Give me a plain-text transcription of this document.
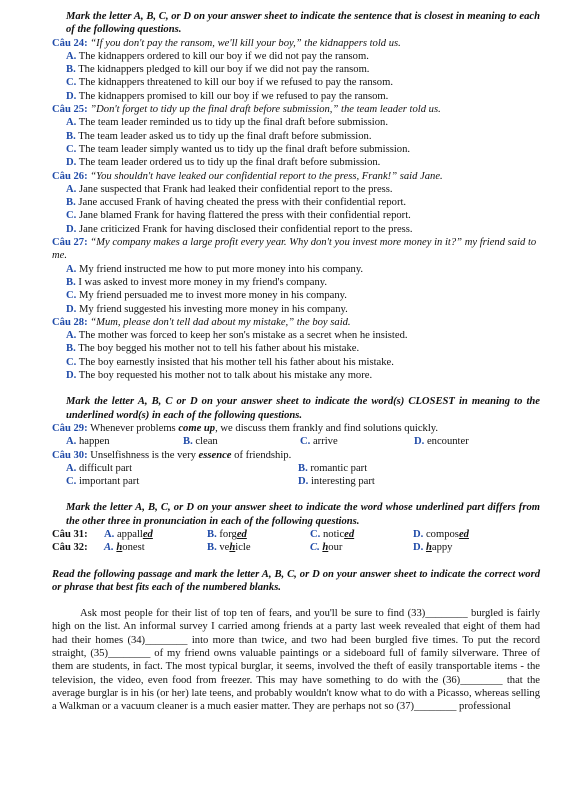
Mark the letter A, B, C, or D on your answer sheet to indicate the sentence that is closest in meaning to each of the following questions.

Câu 24: “If you don't pay the ransom, we'll kill your boy,” the kidnappers told us.

A. The kidnappers ordered to kill our boy if we did not pay the ransom.

B. The kidnappers pledged to kill our boy if we did not pay the ransom.

C. The kidnappers threatened to kill our boy if we refused to pay the ransom.

D. The kidnappers promised to kill our boy if we refused to pay the ransom.

Câu 25: ”Don't forget to tidy up the final draft before submission,” the team leader told us.

A. The team leader reminded us to tidy up the final draft before submission.

B. The team leader asked us to tidy up the final draft before submission.

C. The team leader simply wanted us to tidy up the final draft before submission.

D. The team leader ordered us to tidy up the final draft before submission.

Câu 26: “You shouldn't have leaked our confidential report to the press, Frank!” said Jane.

A. Jane suspected that Frank had leaked their confidential report to the press.

B. Jane accused Frank of having cheated the press with their confidential report.

C. Jane blamed Frank for having flattered the press with their confidential report.

D. Jane criticized Frank for having disclosed their confidential report to the press.

Câu 27: “My company makes a large profit every year. Why don't you invest more money in it?” my friend said to me.

A. My friend instructed me how to put more money into his company.

B. I was asked to invest more money in my friend's company.

C. My friend persuaded me to invest more money in his company.

D. My friend suggested his investing more money in his company.

Câu 28: “Mum, please don't tell dad about my mistake,” the boy said.

A. The mother was forced to keep her son's mistake as a secret when he insisted.

B. The boy begged his mother not to tell his father about his mistake.

C. The boy earnestly insisted that his mother tell his father about his mistake.

D. The boy requested his mother not to talk about his mistake any more.

Mark the letter A, B, C or D on your answer sheet to indicate the word(s) CLOSEST in meaning to the underlined word(s) in each of the following questions.

Câu 29: Whenever problems come up, we discuss them frankly and find solutions quickly.

A. happen	B. clean	C. arrive	D. encounter

Câu 30: Unselfishness is the very essence of friendship.

A. difficult part	B. romantic part
C. important part	D. interesting part

Mark the letter A, B, C, or D on your answer sheet to indicate the word whose underlined part differs from the other three in pronunciation in each of the following questions.

Câu 31:	A. appalled	B. forged	C. noticed	D. composed
Câu 32:	A. honest	B. vehicle	C. hour	D. happy

Read the following passage and mark the letter A, B, C, or D on your answer sheet to indicate the correct word or phrase that best fits each of the numbered blanks.

Ask most people for their list of top ten of fears, and you'll be sure to find (33)________ burgled is fairly high on the list. An informal survey I carried among friends at a party last week revealed that eight of them had had their homes (34)________ into more than twice, and two had been burgled five times. To put the record straight, (35)________ of my friend owns valuable paintings or a sideboard full of family silverware. Three of them are students, in fact. The most typical burglar, it seems, involved the theft of easily transportable items - the television, the video, even food from freezer. This may have something to do with the (36)________ that the average burglar is in his (or her) late teens, and probably wouldn't know what to do with a Picasso, whereas selling a Walkman or a vacuum cleaner is a much easier matter. They are perhaps not so (37)________ professional
